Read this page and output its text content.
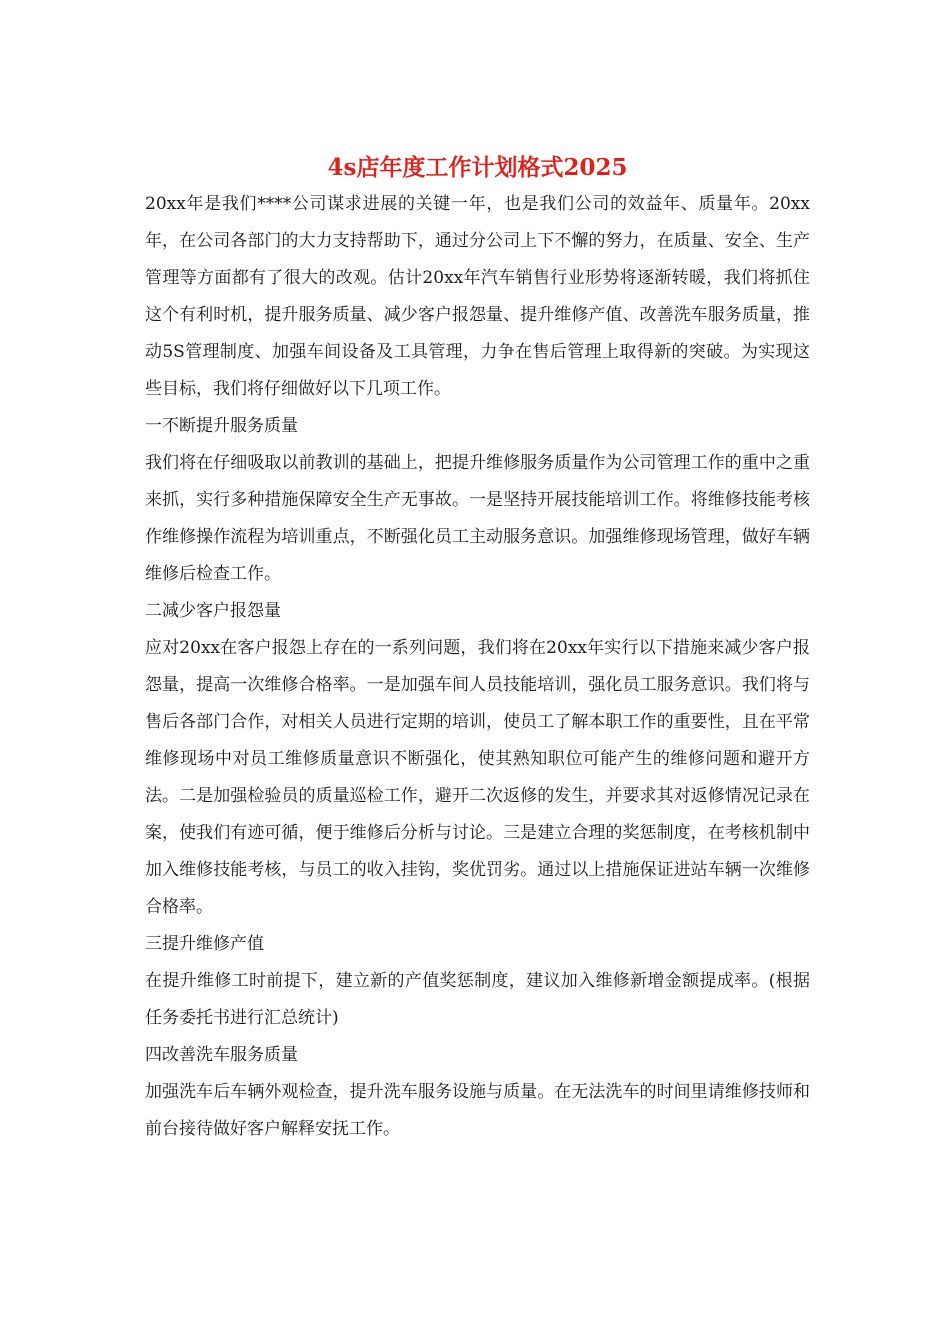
4s店年度工作计划格式2025

20xx年是我们****公司谋求进展的关键一年，也是我们公司的效益年、质量年。20xx年，在公司各部门的大力支持帮助下，通过分公司上下不懈的努力，在质量、安全、生产管理等方面都有了很大的改观。估计20xx年汽车销售行业形势将逐渐转暖，我们将抓住这个有利时机，提升服务质量、减少客户报怨量、提升维修产值、改善洗车服务质量，推动5S管理制度、加强车间设备及工具管理，力争在售后管理上取得新的突破。为实现这些目标，我们将仔细做好以下几项工作。

一不断提升服务质量

我们将在仔细吸取以前教训的基础上，把提升维修服务质量作为公司管理工作的重中之重来抓，实行多种措施保障安全生产无事故。一是坚持开展技能培训工作。将维修技能考核作维修操作流程为培训重点，不断强化员工主动服务意识。加强维修现场管理，做好车辆维修后检查工作。

二减少客户报怨量

应对20xx在客户报怨上存在的一系列问题，我们将在20xx年实行以下措施来减少客户报怨量，提高一次维修合格率。一是加强车间人员技能培训，强化员工服务意识。我们将与售后各部门合作，对相关人员进行定期的培训，使员工了解本职工作的重要性，且在平常维修现场中对员工维修质量意识不断强化，使其熟知职位可能产生的维修问题和避开方法。二是加强检验员的质量巡检工作，避开二次返修的发生，并要求其对返修情况记录在案，使我们有迹可循，便于维修后分析与讨论。三是建立合理的奖惩制度，在考核机制中加入维修技能考核，与员工的收入挂钩，奖优罚劣。通过以上措施保证进站车辆一次维修合格率。

三提升维修产值

在提升维修工时前提下，建立新的产值奖惩制度，建议加入维修新增金额提成率。(根据任务委托书进行汇总统计)

四改善洗车服务质量

加强洗车后车辆外观检查，提升洗车服务设施与质量。在无法洗车的时间里请维修技师和前台接待做好客户解释安抚工作。
